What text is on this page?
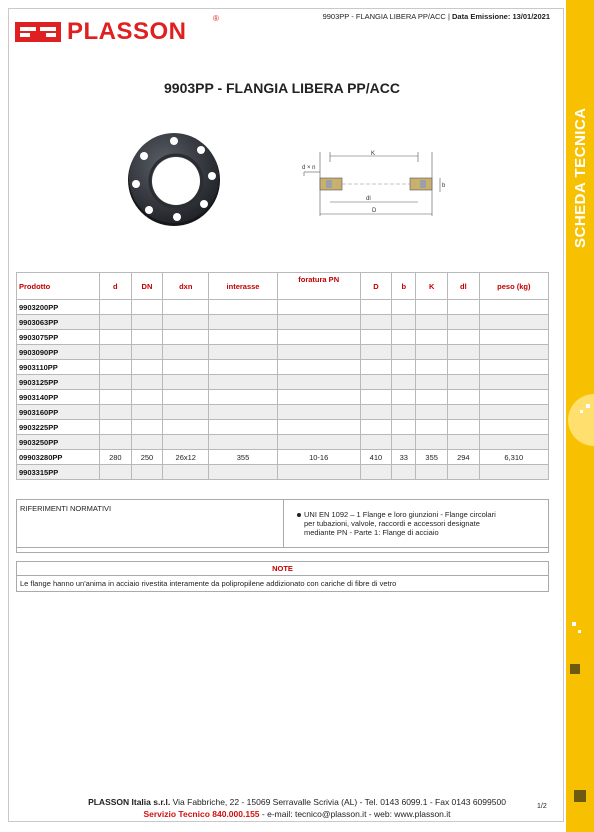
PLASSON	®	9903PP - FLANGIA LIBERA PP/ACC | Data Emissione: 13/01/2021
9903PP - FLANGIA LIBERA PP/ACC
SCHEDA TECNICA
d × n
K
b
dl
D
Prodotto	d	DN	dxn	interasse	foratura PN	D	b	K	dl	peso (kg)
9903200PP										
9903063PP										
9903075PP										
9903090PP										
9903110PP										
9903125PP										
9903140PP										
9903160PP										
9903225PP										
9903250PP										
09903280PP	280	250	26x12	355	10-16	410	33	355	294	6,310
9903315PP										
RIFERIMENTI NORMATIVI
UNI EN 1092 – 1 Flange e loro giunzioni - Flange circolari
per tubazioni, valvole, raccordi e accessori designate
mediante PN - Parte 1: Flange di acciaio
NOTE
Le flange hanno un'anima in acciaio rivestita interamente da polipropilene addizionato con cariche di fibre di vetro
PLASSON Italia s.r.l. Via Fabbriche, 22 - 15069 Serravalle Scrivia (AL) - Tel. 0143 6099.1 - Fax 0143 6099500
Servizio Tecnico 840.000.155 - e-mail: tecnico@plasson.it - web: www.plasson.it
1/2
